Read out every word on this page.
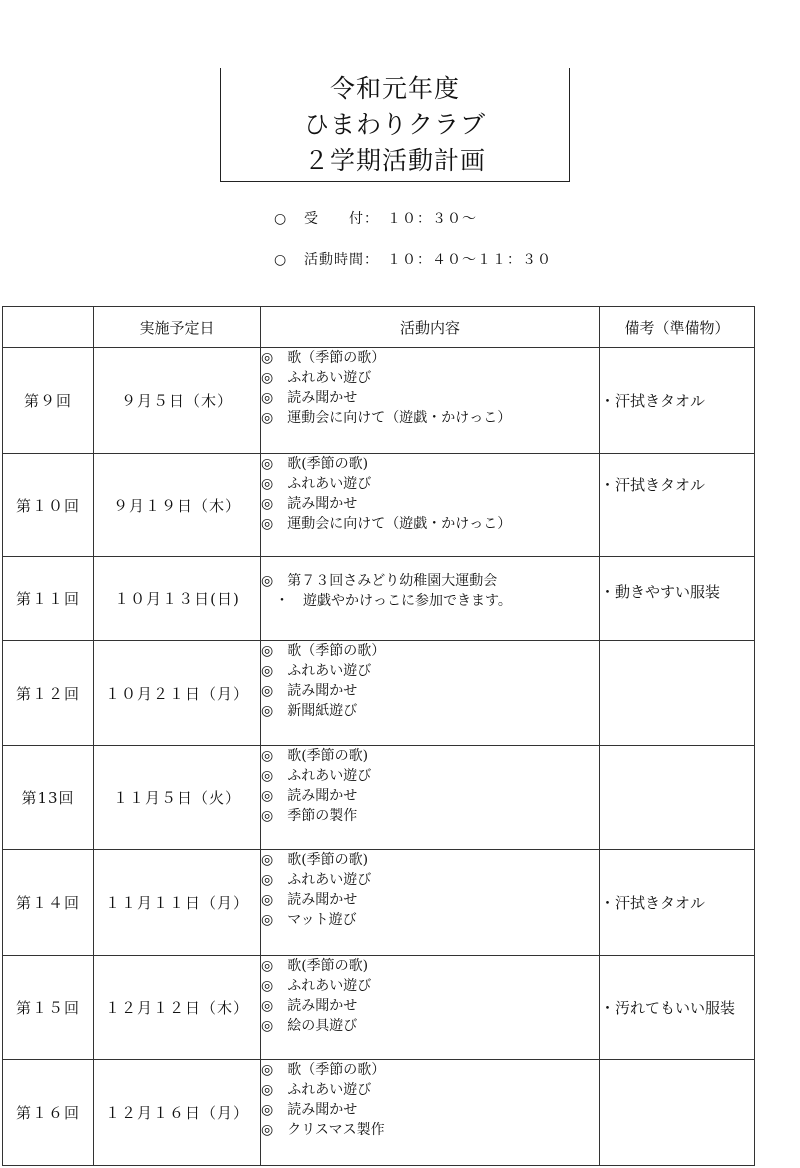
令和元年度
ひまわりクラブ
２学期活動計画
○ 受　　付：　１０：３０～
○ 活動時間：　１０：４０～１１：３０
	実施予定日	活動内容	備考（準備物）
第９回	９月５日（木）	◎　歌（季節の歌）
◎　ふれあい遊び
◎　読み聞かせ
◎　運動会に向けて（遊戯・かけっこ）	・汗拭きタオル
第１０回	９月１９日（木）	◎　歌(季節の歌)
◎　ふれあい遊び
◎　読み聞かせ
◎　運動会に向けて（遊戯・かけっこ）	・汗拭きタオル
第１１回	１０月１３日(日)	◎　第７３回さみどり幼稚園大運動会
　・　遊戯やかけっこに参加できます。	・動きやすい服装
第１２回	１０月２１日（月）	◎　歌（季節の歌）
◎　ふれあい遊び
◎　読み聞かせ
◎　新聞紙遊び	

第13回	１１月５日（火）	◎　歌(季節の歌)
◎　ふれあい遊び
◎　読み聞かせ
◎　季節の製作	

第１４回	１１月１１日（月）	◎　歌(季節の歌)
◎　ふれあい遊び
◎　読み聞かせ
◎　マット遊び	・汗拭きタオル
第１５回	１２月１２日（木）	◎　歌(季節の歌)
◎　ふれあい遊び
◎　読み聞かせ
◎　絵の具遊び	・汚れてもいい服装
第１６回	１２月１６日（月）	◎　歌（季節の歌）
◎　ふれあい遊び
◎　読み聞かせ
◎　クリスマス製作	
